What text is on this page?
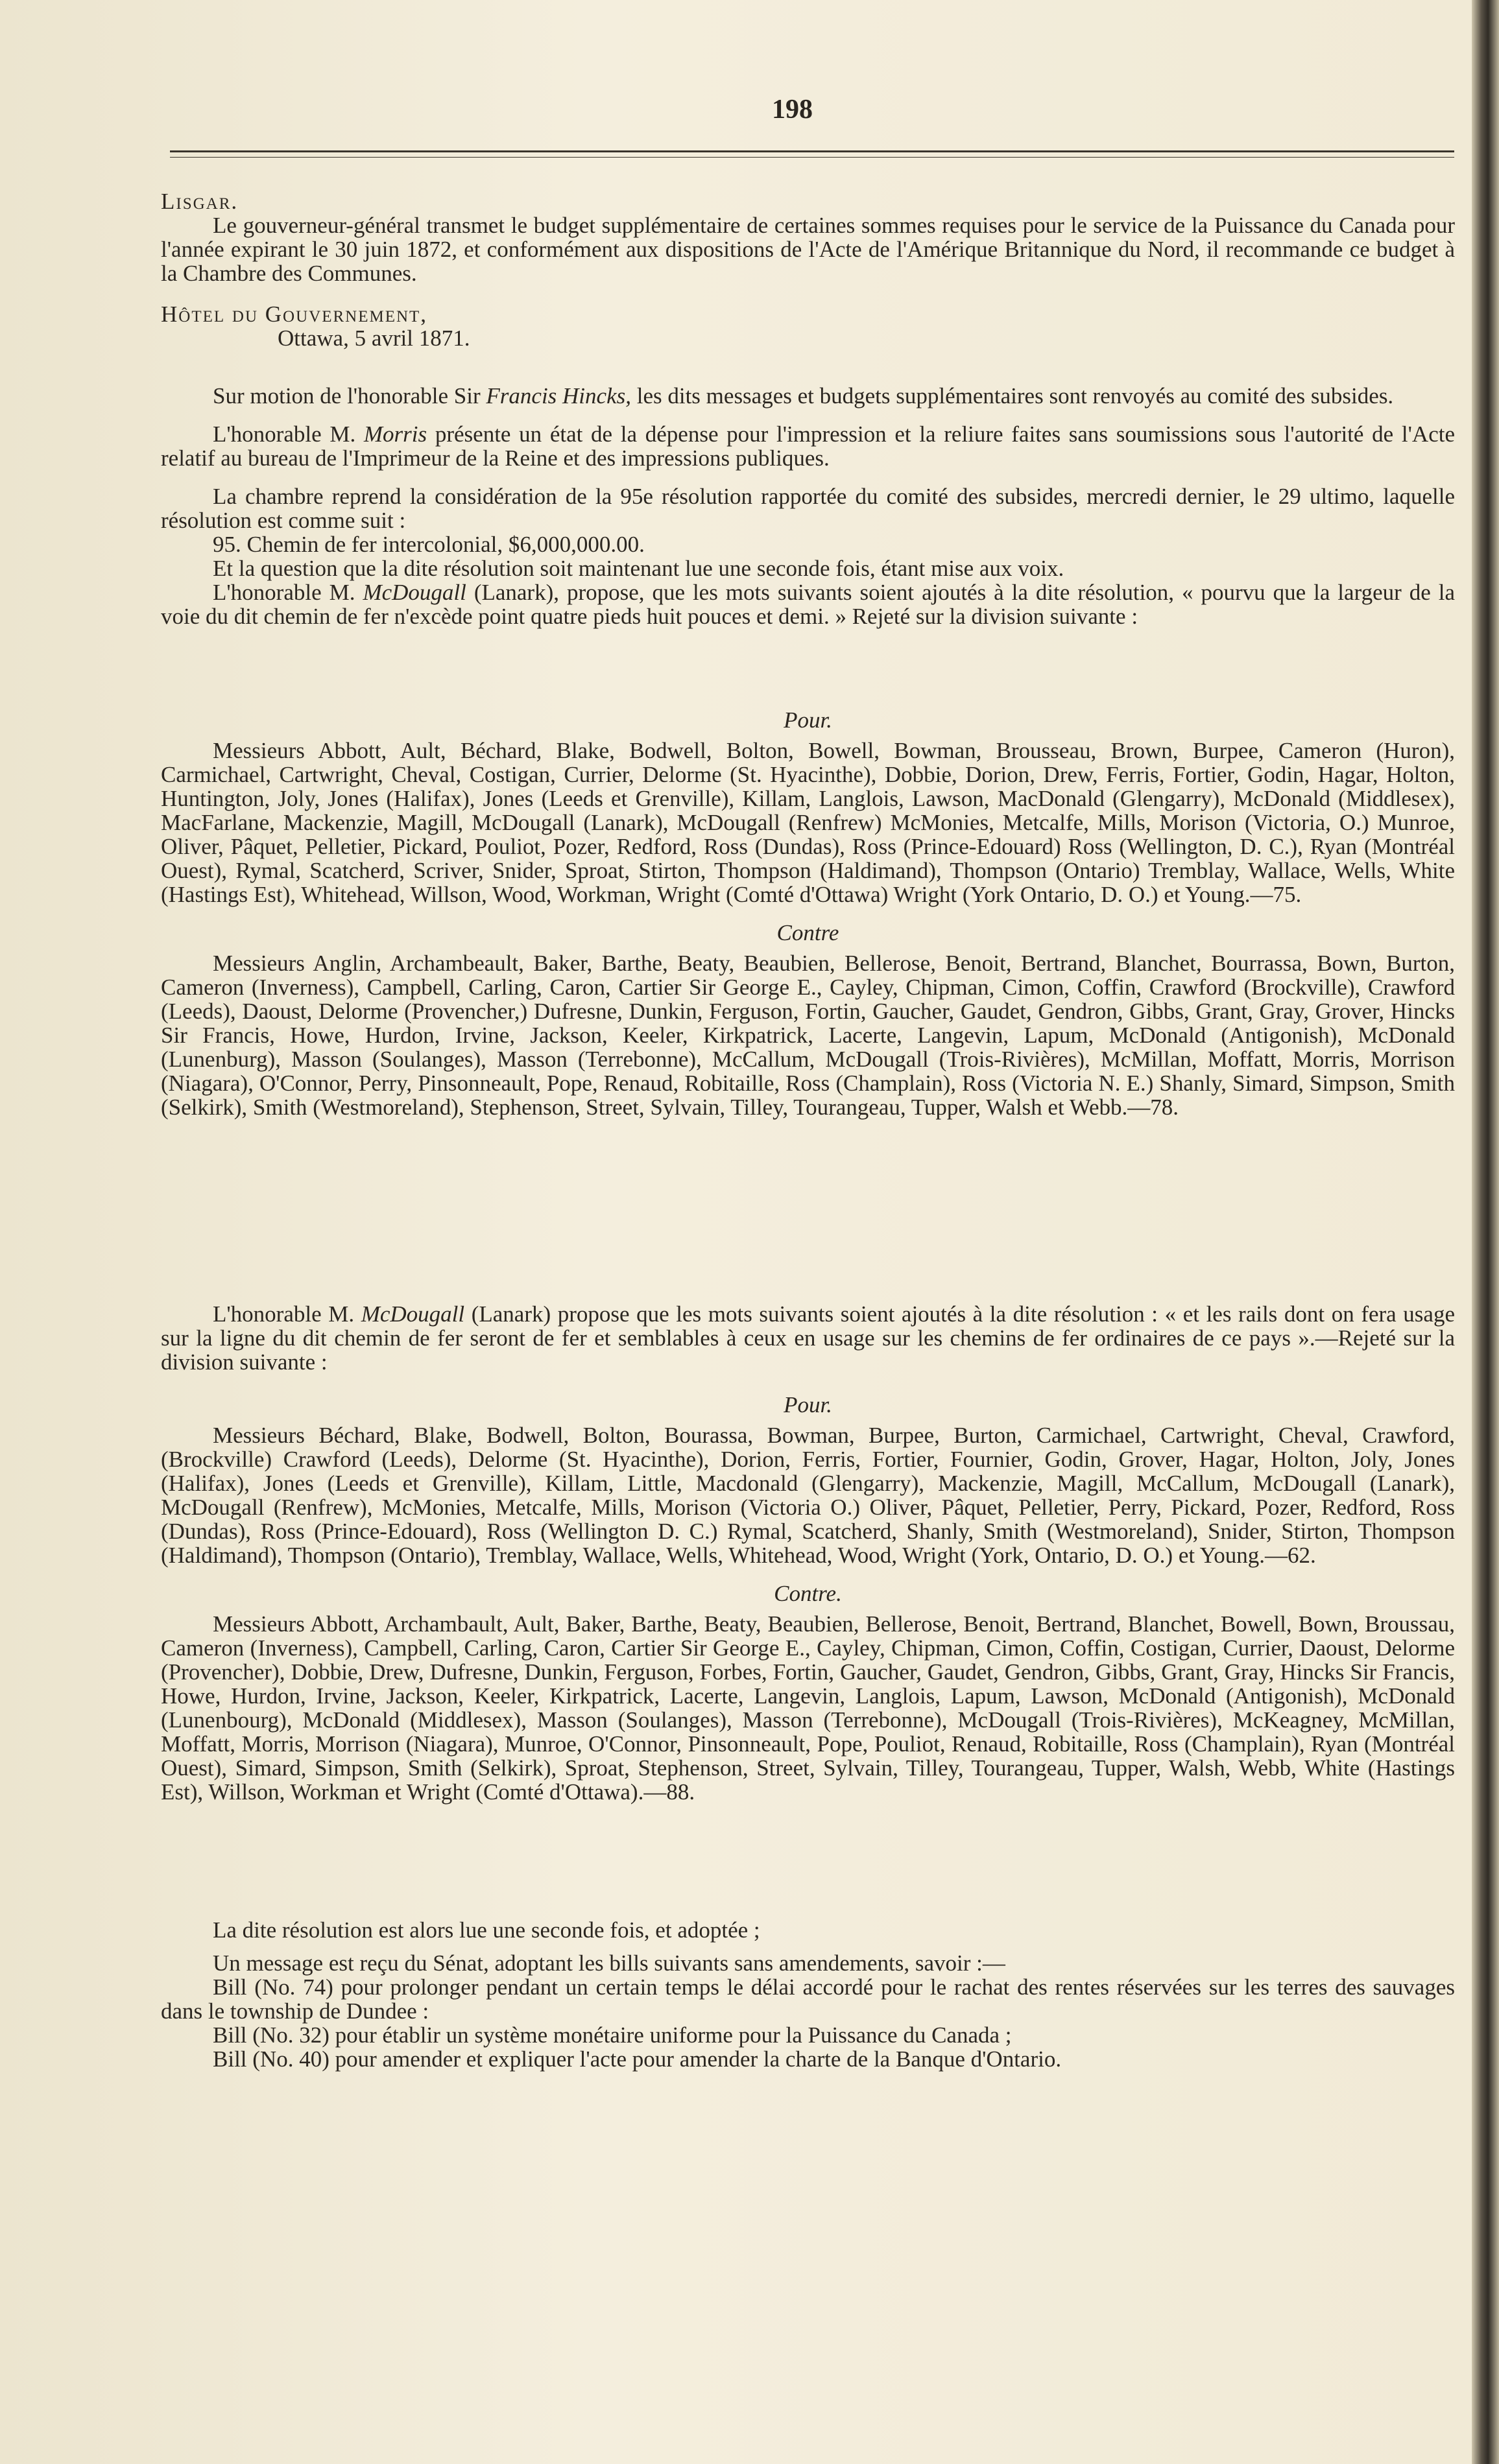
198

Lisgar.

Le gouverneur-général transmet le budget supplémentaire de certaines sommes requises pour le service de la Puissance du Canada pour l'année expirant le 30 juin 1872, et conformément aux dispositions de l'Acte de l'Amérique Britannique du Nord, il recommande ce budget à la Chambre des Communes.

Hôtel du Gouvernement,

Ottawa, 5 avril 1871.

Sur motion de l'honorable Sir Francis Hincks, les dits messages et budgets supplémentaires sont renvoyés au comité des subsides.

L'honorable M. Morris présente un état de la dépense pour l'impression et la reliure faites sans soumissions sous l'autorité de l'Acte relatif au bureau de l'Imprimeur de la Reine et des impressions publiques.

La chambre reprend la considération de la 95e résolution rapportée du comité des subsides, mercredi dernier, le 29 ultimo, laquelle résolution est comme suit :

95. Chemin de fer intercolonial, $6,000,000.00.

Et la question que la dite résolution soit maintenant lue une seconde fois, étant mise aux voix.

L'honorable M. McDougall (Lanark), propose, que les mots suivants soient ajoutés à la dite résolution, « pourvu que la largeur de la voie du dit chemin de fer n'excède point quatre pieds huit pouces et demi. » Rejeté sur la division suivante :

Pour.

Messieurs Abbott, Ault, Béchard, Blake, Bodwell, Bolton, Bowell, Bowman, Brousseau, Brown, Burpee, Cameron (Huron), Carmichael, Cartwright, Cheval, Costigan, Currier, Delorme (St. Hyacinthe), Dobbie, Dorion, Drew, Ferris, Fortier, Godin, Hagar, Holton, Huntington, Joly, Jones (Halifax), Jones (Leeds et Grenville), Killam, Langlois, Lawson, MacDonald (Glengarry), McDonald (Middlesex), MacFarlane, Mackenzie, Magill, McDougall (Lanark), McDougall (Renfrew) McMonies, Metcalfe, Mills, Morison (Victoria, O.) Munroe, Oliver, Pâquet, Pelletier, Pickard, Pouliot, Pozer, Redford, Ross (Dundas), Ross (Prince-Edouard) Ross (Wellington, D. C.), Ryan (Montréal Ouest), Rymal, Scatcherd, Scriver, Snider, Sproat, Stirton, Thompson (Haldimand), Thompson (Ontario) Tremblay, Wallace, Wells, White (Hastings Est), Whitehead, Willson, Wood, Workman, Wright (Comté d'Ottawa) Wright (York Ontario, D. O.) et Young.—75.

Contre

Messieurs Anglin, Archambeault, Baker, Barthe, Beaty, Beaubien, Bellerose, Benoit, Bertrand, Blanchet, Bourrassa, Bown, Burton, Cameron (Inverness), Campbell, Carling, Caron, Cartier Sir George E., Cayley, Chipman, Cimon, Coffin, Crawford (Brockville), Crawford (Leeds), Daoust, Delorme (Provencher,) Dufresne, Dunkin, Ferguson, Fortin, Gaucher, Gaudet, Gendron, Gibbs, Grant, Gray, Grover, Hincks Sir Francis, Howe, Hurdon, Irvine, Jackson, Keeler, Kirkpatrick, Lacerte, Langevin, Lapum, McDonald (Antigonish), McDonald (Lunenburg), Masson (Soulanges), Masson (Terrebonne), McCallum, McDougall (Trois-Rivières), McMillan, Moffatt, Morris, Morrison (Niagara), O'Connor, Perry, Pinsonneault, Pope, Renaud, Robitaille, Ross (Champlain), Ross (Victoria N. E.) Shanly, Simard, Simpson, Smith (Selkirk), Smith (Westmoreland), Stephenson, Street, Sylvain, Tilley, Tourangeau, Tupper, Walsh et Webb.—78.

L'honorable M. McDougall (Lanark) propose que les mots suivants soient ajoutés à la dite résolution : « et les rails dont on fera usage sur la ligne du dit chemin de fer seront de fer et semblables à ceux en usage sur les chemins de fer ordinaires de ce pays ».—Rejeté sur la division suivante :

Pour.

Messieurs Béchard, Blake, Bodwell, Bolton, Bourassa, Bowman, Burpee, Burton, Carmichael, Cartwright, Cheval, Crawford, (Brockville) Crawford (Leeds), Delorme (St. Hyacinthe), Dorion, Ferris, Fortier, Fournier, Godin, Grover, Hagar, Holton, Joly, Jones (Halifax), Jones (Leeds et Grenville), Killam, Little, Macdonald (Glengarry), Mackenzie, Magill, McCallum, McDougall (Lanark), McDougall (Renfrew), McMonies, Metcalfe, Mills, Morison (Victoria O.) Oliver, Pâquet, Pelletier, Perry, Pickard, Pozer, Redford, Ross (Dundas), Ross (Prince-Edouard), Ross (Wellington D. C.) Rymal, Scatcherd, Shanly, Smith (Westmoreland), Snider, Stirton, Thompson (Haldimand), Thompson (Ontario), Tremblay, Wallace, Wells, Whitehead, Wood, Wright (York, Ontario, D. O.) et Young.—62.

Contre.

Messieurs Abbott, Archambault, Ault, Baker, Barthe, Beaty, Beaubien, Bellerose, Benoit, Bertrand, Blanchet, Bowell, Bown, Broussau, Cameron (Inverness), Campbell, Carling, Caron, Cartier Sir George E., Cayley, Chipman, Cimon, Coffin, Costigan, Currier, Daoust, Delorme (Provencher), Dobbie, Drew, Dufresne, Dunkin, Ferguson, Forbes, Fortin, Gaucher, Gaudet, Gendron, Gibbs, Grant, Gray, Hincks Sir Francis, Howe, Hurdon, Irvine, Jackson, Keeler, Kirkpatrick, Lacerte, Langevin, Langlois, Lapum, Lawson, McDonald (Antigonish), McDonald (Lunenbourg), McDonald (Middlesex), Masson (Soulanges), Masson (Terrebonne), McDougall (Trois-Rivières), McKeagney, McMillan, Moffatt, Morris, Morrison (Niagara), Munroe, O'Connor, Pinsonneault, Pope, Pouliot, Renaud, Robitaille, Ross (Champlain), Ryan (Montréal Ouest), Simard, Simpson, Smith (Selkirk), Sproat, Stephenson, Street, Sylvain, Tilley, Tourangeau, Tupper, Walsh, Webb, White (Hastings Est), Willson, Workman et Wright (Comté d'Ottawa).—88.

La dite résolution est alors lue une seconde fois, et adoptée ;

Un message est reçu du Sénat, adoptant les bills suivants sans amendements, savoir :—

Bill (No. 74) pour prolonger pendant un certain temps le délai accordé pour le rachat des rentes réservées sur les terres des sauvages dans le township de Dundee :

Bill (No. 32) pour établir un système monétaire uniforme pour la Puissance du Canada ;

Bill (No. 40) pour amender et expliquer l'acte pour amender la charte de la Banque d'Ontario.
